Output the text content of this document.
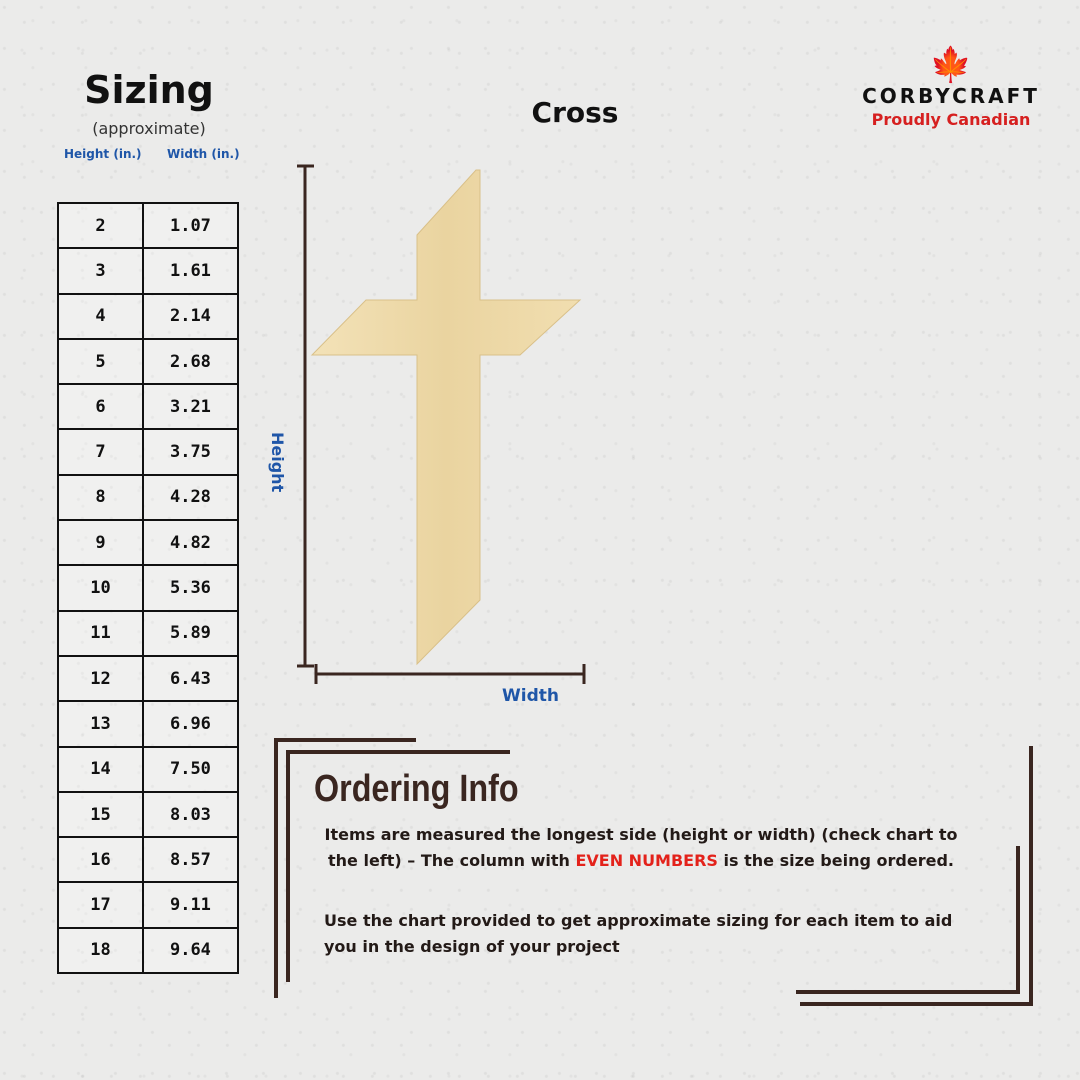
Sizing
(approximate)
Height (in.) Width (in.)
2	1.07
3	1.61
4	2.14
5	2.68
6	3.21
7	3.75
8	4.28
9	4.82
10	5.36
11	5.89
12	6.43
13	6.96
14	7.50
15	8.03
16	8.57
17	9.11
18	9.64
Cross
🍁
CORBYCRAFT
Proudly Canadian
Height
Width
Ordering Info
Items are measured the longest side (height or width) (check chart to the left) – The column with EVEN NUMBERS is the size being ordered.
Use the chart provided to get approximate sizing for each item to aid you in the design of your project
